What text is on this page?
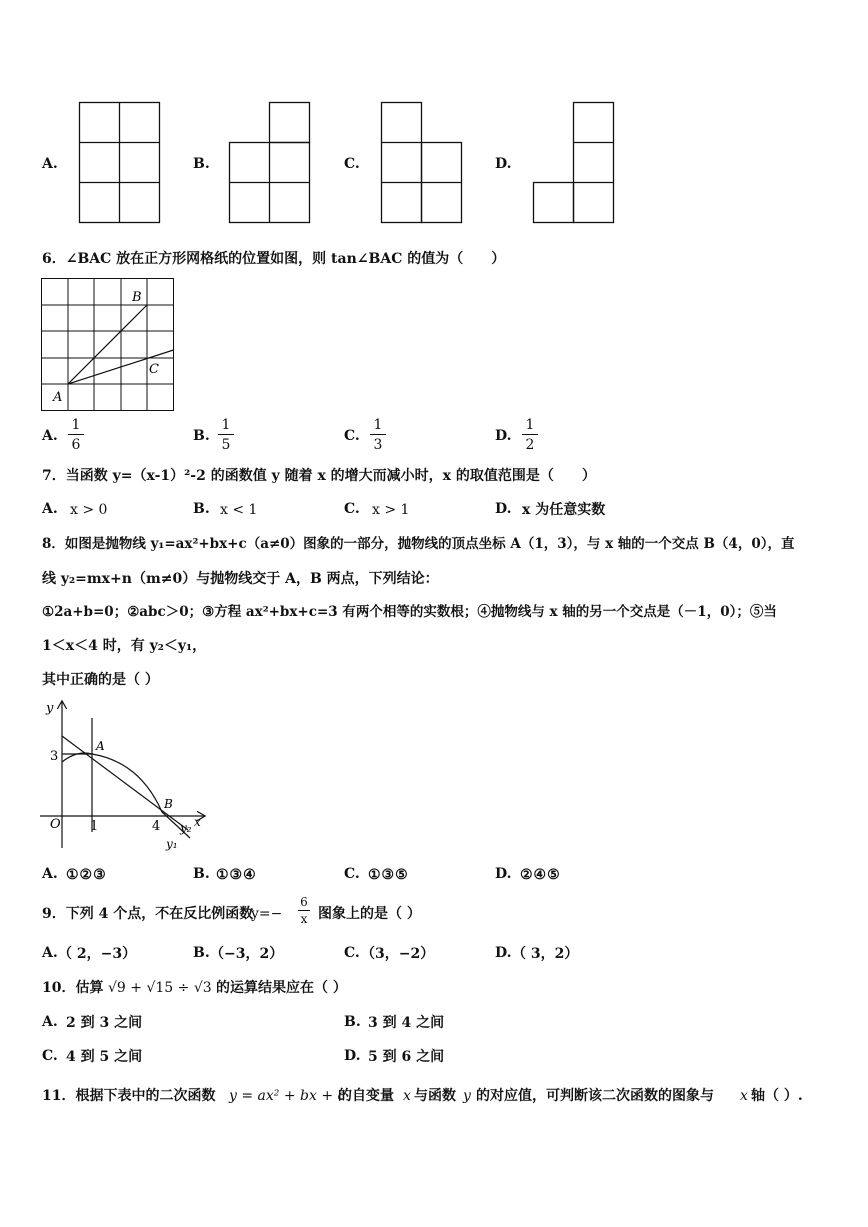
A.	B.	C.	D.
6．∠BAC 放在正方形网格纸的位置如图，则 tan∠BAC 的值为（　　）
B
C
A
A. $\frac{1}{6}$	B. $\frac{1}{5}$	C. $\frac{1}{3}$	D. $\frac{1}{2}$
7．当函数 y=（x-1）²-2 的函数值 y 随着 x 的增大而减小时，x 的取值范围是（　　）
A. x > 0	B. x < 1	C. x > 1	D. x 为任意实数
8．如图是抛物线 y₁=ax²+bx+c（a≠0）图象的一部分，抛物线的顶点坐标 A（1，3），与 x 轴的一个交点 B（4，0），直
线 y₂=mx+n（m≠0）与抛物线交于 A，B 两点，下列结论：
①2a+b=0；②abc＞0；③方程 ax²+bx+c=3 有两个相等的实数根；④抛物线与 x 轴的另一个交点是（－1，0）；⑤当
1＜x＜4 时，有 y₂＜y₁，
其中正确的是（ ）
y
x
O
3
1	4
A
B
y₂
y₁
A. ①②③	B. ①③④	C. ①③⑤	D. ②④⑤
9．下列 4 个点，不在反比例函数
$y=- \frac{6}{x}$ 图象上的是（ ）
A. （ 2，−3）	B. （−3，2）	C. （3，−2）	D. （ 3，2）
10．估算 √9 + √15 ÷ √3 的运算结果应在（ ）
A. 2 到 3 之间	B. 3 到 4 之间
C. 4 到 5 之间	D. 5 到 6 之间
11．根据下表中的二次函数 y = ax² + bx + c
的自变量 x 与函数 y 的对应值，可判断该二次函数的图象与 x 轴（ ）.
